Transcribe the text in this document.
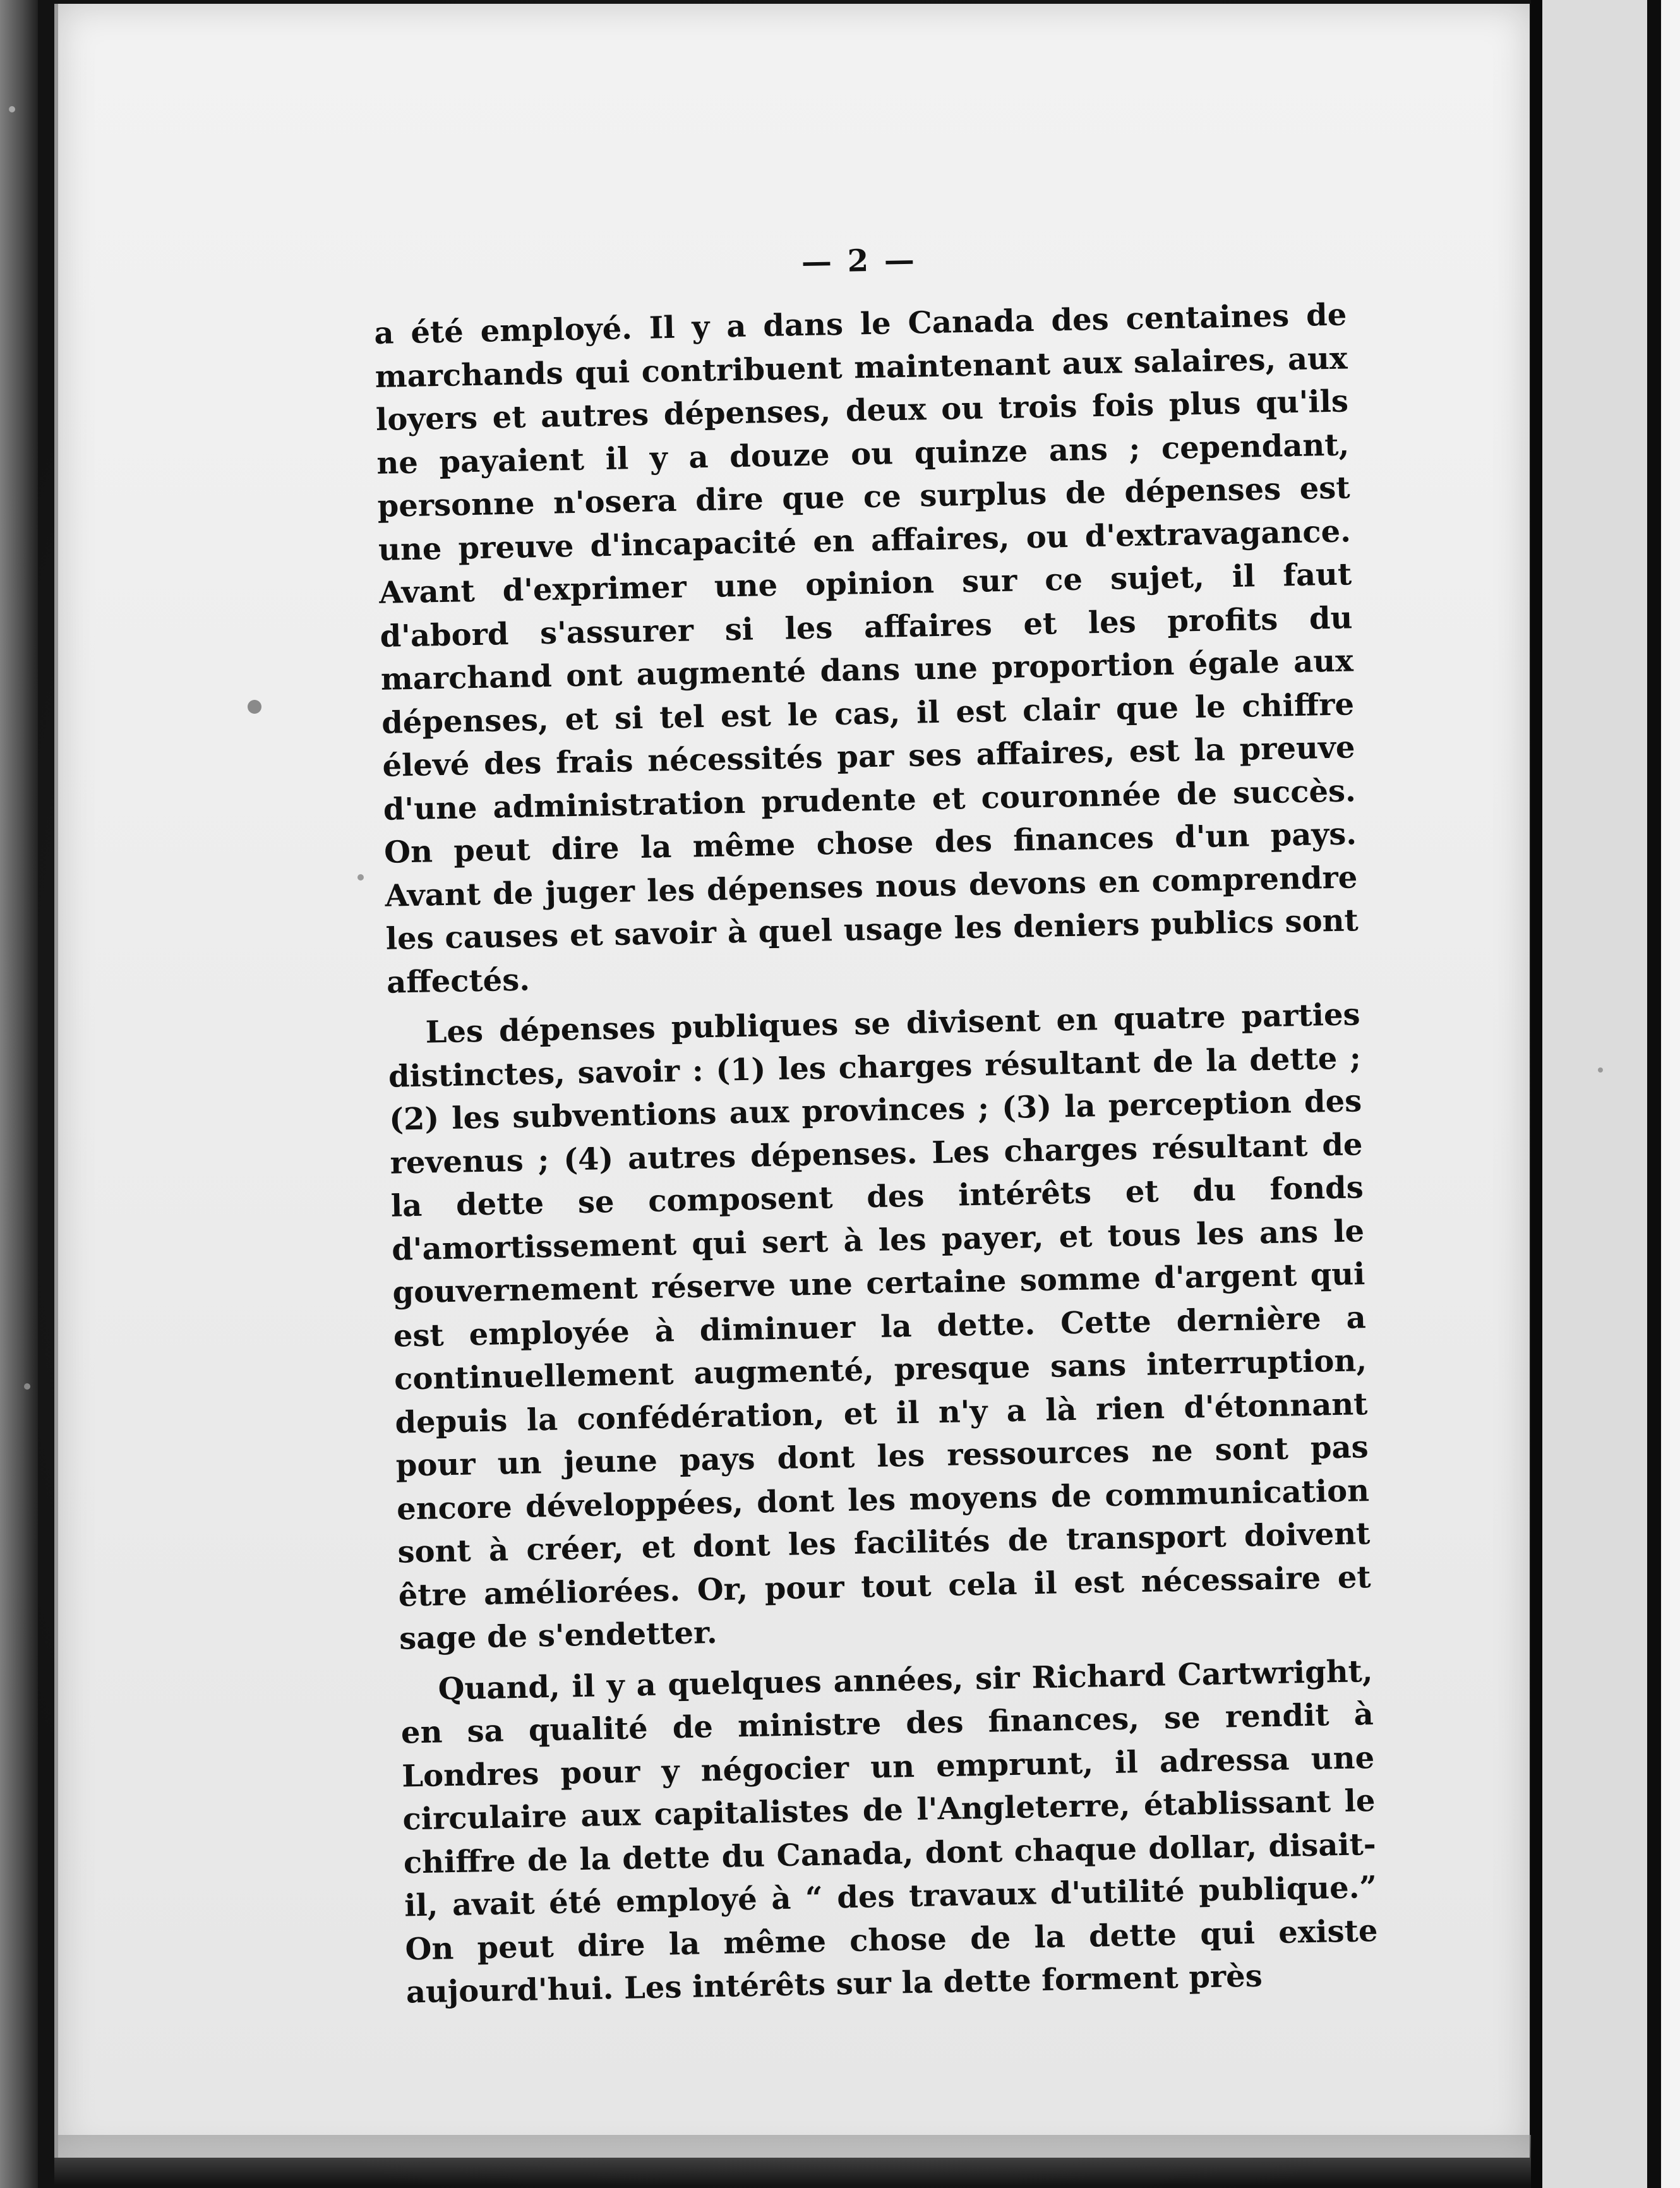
— 2 —

a été employé. Il y a dans le Canada des centaines de marchands qui contribuent maintenant aux salaires, aux loyers et autres dépenses, deux ou trois fois plus qu'ils ne payaient il y a douze ou quinze ans ; cependant, personne n'osera dire que ce surplus de dépenses est une preuve d'incapacité en affaires, ou d'extravagance. Avant d'exprimer une opinion sur ce sujet, il faut d'abord s'assurer si les affaires et les profits du marchand ont augmenté dans une proportion égale aux dépenses, et si tel est le cas, il est clair que le chiffre élevé des frais nécessités par ses affaires, est la preuve d'une administration prudente et couronnée de succès. On peut dire la même chose des finances d'un pays. Avant de juger les dépenses nous devons en comprendre les causes et savoir à quel usage les deniers publics sont affectés.

Les dépenses publiques se divisent en quatre parties distinctes, savoir : (1) les charges résultant de la dette ; (2) les subventions aux provinces ; (3) la perception des revenus ; (4) autres dépenses. Les charges résultant de la dette se composent des intérêts et du fonds d'amortissement qui sert à les payer, et tous les ans le gouvernement réserve une certaine somme d'argent qui est employée à diminuer la dette. Cette dernière a continuellement augmenté, presque sans interruption, depuis la confédération, et il n'y a là rien d'étonnant pour un jeune pays dont les ressources ne sont pas encore développées, dont les moyens de communication sont à créer, et dont les facilités de transport doivent être améliorées. Or, pour tout cela il est nécessaire et sage de s'endetter.

Quand, il y a quelques années, sir Richard Cartwright, en sa qualité de ministre des finances, se rendit à Londres pour y négocier un emprunt, il adressa une circulaire aux capitalistes de l'Angleterre, établissant le chiffre de la dette du Canada, dont chaque dollar, disait-il, avait été employé à “ des travaux d'utilité publique.” On peut dire la même chose de la dette qui existe aujourd'hui. Les intérêts sur la dette forment près
